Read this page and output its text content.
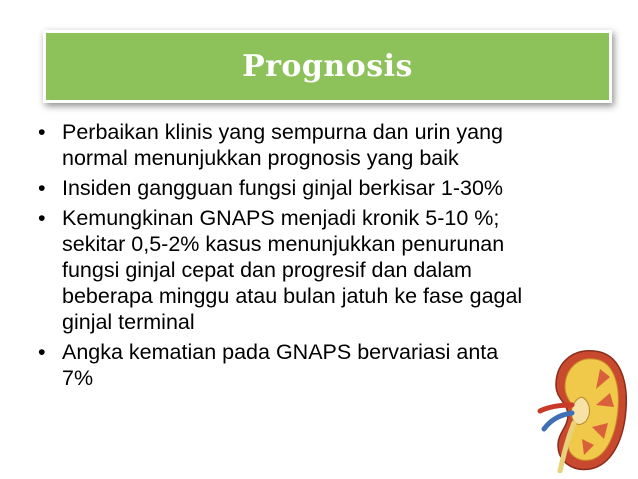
Prognosis
• Perbaikan klinis yang sempurna dan urin yang
normal menunjukkan prognosis yang baik
• Insiden gangguan fungsi ginjal berkisar 1-30%
• Kemungkinan GNAPS menjadi kronik 5-10 %;
sekitar 0,5-2% kasus menunjukkan penurunan
fungsi ginjal cepat dan progresif dan dalam
beberapa minggu atau bulan jatuh ke fase gagal
ginjal terminal
• Angka kematian pada GNAPS bervariasi anta
7%
